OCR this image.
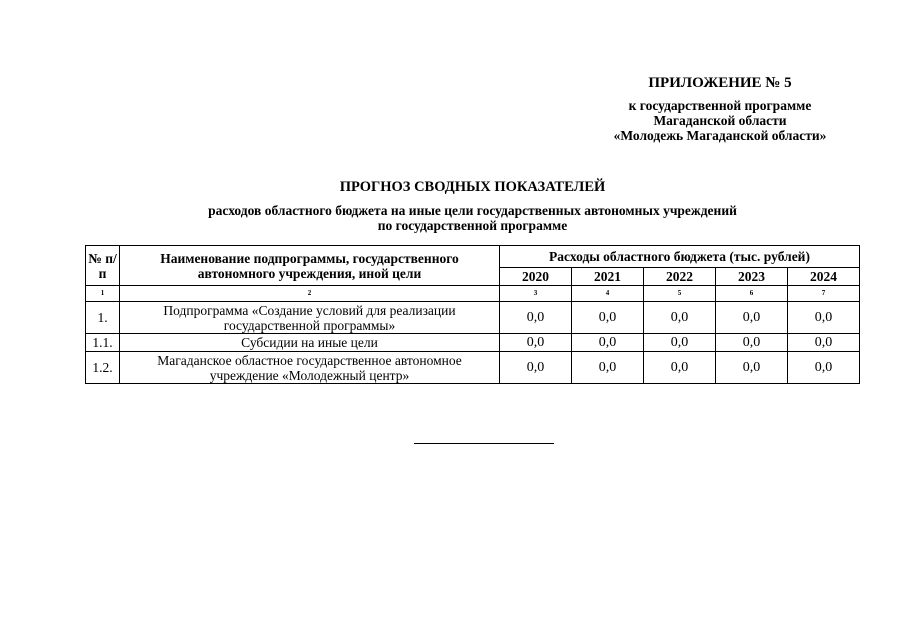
ПРИЛОЖЕНИЕ № 5
к государственной программе
Магаданской области
«Молодежь Магаданской области»
ПРОГНОЗ СВОДНЫХ ПОКАЗАТЕЛЕЙ
расходов областного бюджета на иные цели государственных автономных учреждений
по государственной программе
№ п/п	Наименование подпрограммы, государственного автономного учреждения, иной цели	Расходы областного бюджета (тыс. рублей)				
		2020	2021	2022	2023	2024
1	2	3	4	5	6	7
1.	Подпрограмма «Создание условий для реализации государственной программы»	0,0	0,0	0,0	0,0	0,0
1.1.	Субсидии на иные цели	0,0	0,0	0,0	0,0	0,0
1.2.	Магаданское областное государственное автономное учреждение «Молодежный центр»	0,0	0,0	0,0	0,0	0,0
